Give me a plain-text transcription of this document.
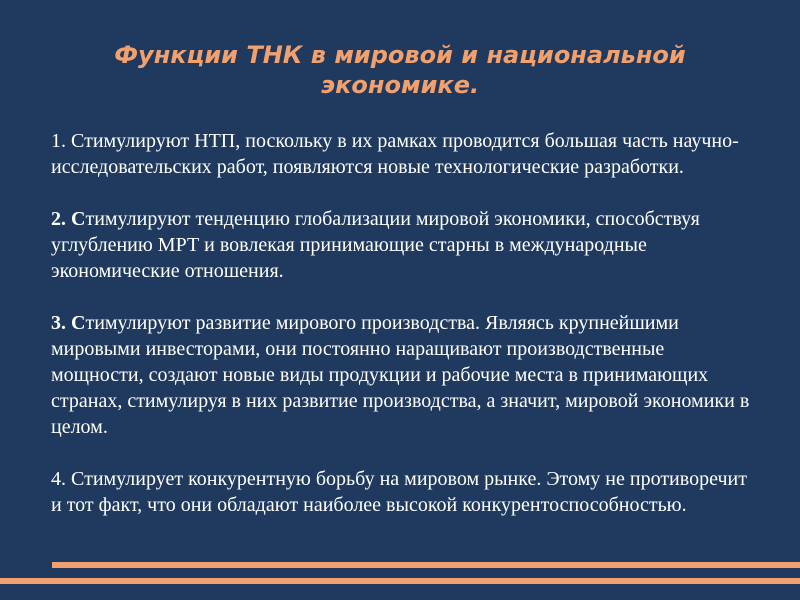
Функции ТНК в мировой и национальной экономике.

1. Стимулируют НТП, поскольку в их рамках проводится большая часть научно-исследовательских работ, появляются новые технологические разработки.

2. Стимулируют тенденцию глобализации мировой экономики, способствуя углублению МРТ и вовлекая принимающие старны в международные экономические отношения.

3. Стимулируют развитие мирового производства. Являясь крупнейшими мировыми инвесторами, они постоянно наращивают производственные мощности, создают новые виды продукции и рабочие места в принимающих странах, стимулируя в них развитие производства, а значит, мировой экономики в целом.

4. Стимулирует конкурентную борьбу на мировом рынке. Этому не противоречит и тот факт, что они обладают наиболее высокой конкурентоспособностью.
